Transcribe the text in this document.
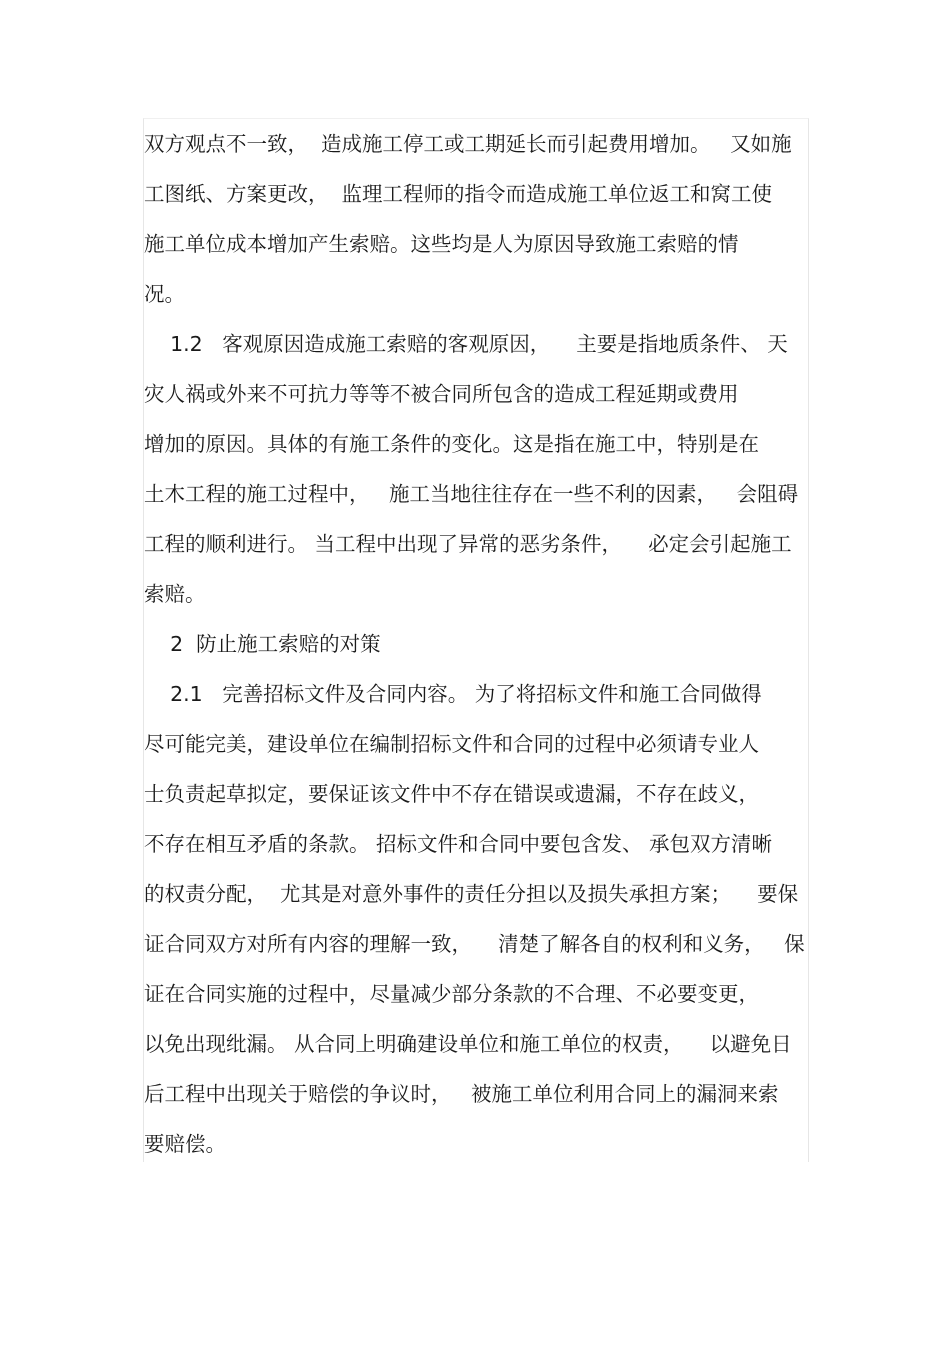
双方观点不一致，  造成施工停工或工期延长而引起费用增加。   又如施
工图纸、方案更改，  监理工程师的指令而造成施工单位返工和窝工使
施工单位成本增加产生索赔。这些均是人为原因导致施工索赔的情
况。
1.2   客观原因造成施工索赔的客观原因，    主要是指地质条件、 天
灾人祸或外来不可抗力等等不被合同所包含的造成工程延期或费用
增加的原因。具体的有施工条件的变化。这是指在施工中，特别是在
土木工程的施工过程中，   施工当地往往存在一些不利的因素，   会阻碍
工程的顺利进行。 当工程中出现了异常的恶劣条件，    必定会引起施工
索赔。
2  防止施工索赔的对策
2.1   完善招标文件及合同内容。 为了将招标文件和施工合同做得
尽可能完美，建设单位在编制招标文件和合同的过程中必须请专业人
士负责起草拟定，要保证该文件中不存在错误或遗漏，不存在歧义，
不存在相互矛盾的条款。 招标文件和合同中要包含发、 承包双方清晰
的权责分配，  尤其是对意外事件的责任分担以及损失承担方案；    要保
证合同双方对所有内容的理解一致，    清楚了解各自的权利和义务，   保
证在合同实施的过程中，尽量减少部分条款的不合理、不必要变更，
以免出现纰漏。 从合同上明确建设单位和施工单位的权责，    以避免日
后工程中出现关于赔偿的争议时，   被施工单位利用合同上的漏洞来索
要赔偿。
